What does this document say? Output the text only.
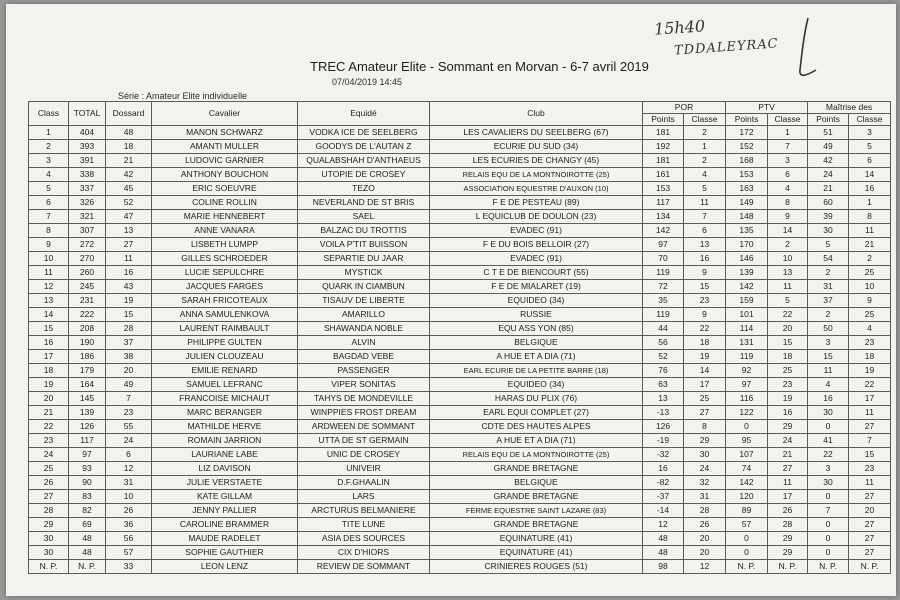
15h40
TDDALEYRAC
TREC Amateur Elite - Sommant en Morvan - 6-7 avril 2019
07/04/2019 14:45
Série : Amateur Elite individuelle
Class	TOTAL	Dossard	Cavalier	Equidé	Club	POR		PTV		Maîtrise des	
						Points	Classe	Points	Classe	Points	Classe
1	404	48	MANON SCHWARZ	VODKA ICE DE SEELBERG	LES CAVALIERS DU SEELBERG (67)	181	2	172	1	51	3
2	393	18	AMANTI MULLER	GOODYS DE L'AUTAN Z	ECURIE DU SUD (34)	192	1	152	7	49	5
3	391	21	LUDOVIC GARNIER	QUALABSHAH D'ANTHAEUS	LES ECURIES DE CHANGY (45)	181	2	168	3	42	6
4	338	42	ANTHONY BOUCHON	UTOPIE DE CROSEY	RELAIS EQU DE LA MONTNOIROTTE (25)	161	4	153	6	24	14
5	337	45	ERIC SOEUVRE	TEZO	ASSOCIATION EQUESTRE D'AUXON (10)	153	5	163	4	21	16
6	326	52	COLINE ROLLIN	NEVERLAND DE ST BRIS	F E DE PESTEAU (89)	117	11	149	8	60	1
7	321	47	MARIE HENNEBERT	SAEL	L EQUICLUB DE DOULON (23)	134	7	148	9	39	8
8	307	13	ANNE VANARA	BALZAC DU TROTTIS	EVADEC (91)	142	6	135	14	30	11
9	272	27	LISBETH LUMPP	VOILA P'TIT BUISSON	F E DU BOIS BELLOIR (27)	97	13	170	2	5	21
10	270	11	GILLES SCHROEDER	SEPARTIE DU JAAR	EVADEC (91)	70	16	146	10	54	2
11	260	16	LUCIE SEPULCHRE	MYSTICK	C T E DE BIENCOURT (55)	119	9	139	13	2	25
12	245	43	JACQUES FARGES	QUARK IN CIAMBUN	F E DE MIALARET (19)	72	15	142	11	31	10
13	231	19	SARAH FRICOTEAUX	TISAUV DE LIBERTE	EQUIDEO (34)	35	23	159	5	37	9
14	222	15	ANNA SAMULENKOVA	AMARILLO	RUSSIE	119	9	101	22	2	25
15	208	28	LAURENT RAIMBAULT	SHAWANDA NOBLE	EQU ASS YON (85)	44	22	114	20	50	4
16	190	37	PHILIPPE GULTEN	ALVIN	BELGIQUE	56	18	131	15	3	23
17	186	38	JULIEN CLOUZEAU	BAGDAD VEBE	A HUE ET A DIA (71)	52	19	119	18	15	18
18	179	20	EMILIE RENARD	PASSENGER	EARL ECURIE DE LA PETITE BARRE (18)	76	14	92	25	11	19
19	164	49	SAMUEL LEFRANC	VIPER SONITAS	EQUIDEO (34)	63	17	97	23	4	22
20	145	7	FRANCOISE MICHAUT	TAHYS DE MONDEVILLE	HARAS DU PLIX (76)	13	25	116	19	16	17
21	139	23	MARC BERANGER	WINPPIES FROST DREAM	EARL EQUI COMPLET (27)	-13	27	122	16	30	11
22	126	55	MATHILDE HERVE	ARDWEEN DE SOMMANT	CDTE DES HAUTES ALPES	126	8	0	29	0	27
23	117	24	ROMAIN JARRION	UTTA DE ST GERMAIN	A HUE ET A DIA (71)	-19	29	95	24	41	7
24	97	6	LAURIANE LABE	UNIC DE CROSEY	RELAIS EQU DE LA MONTNOIROTTE (25)	-32	30	107	21	22	15
25	93	12	LIZ DAVISON	UNIVEIR	GRANDE BRETAGNE	16	24	74	27	3	23
26	90	31	JULIE VERSTAETE	D.F.GHAALIN	BELGIQUE	-82	32	142	11	30	11
27	83	10	KATE GILLAM	LARS	GRANDE BRETAGNE	-37	31	120	17	0	27
28	82	26	JENNY PALLIER	ARCTURUS BELMANIERE	FERME EQUESTRE SAINT LAZARE (83)	-14	28	89	26	7	20
29	69	36	CAROLINE BRAMMER	TITE LUNE	GRANDE BRETAGNE	12	26	57	28	0	27
30	48	56	MAUDE RADELET	ASIA DES SOURCES	EQUINATURE (41)	48	20	0	29	0	27
30	48	57	SOPHIE GAUTHIER	CIX D'HIORS	EQUINATURE (41)	48	20	0	29	0	27
N. P.	N. P.	33	LEON LENZ	REVIEW DE SOMMANT	CRINIERES ROUGES (51)	98	12	N. P.	N. P.	N. P.	N. P.
